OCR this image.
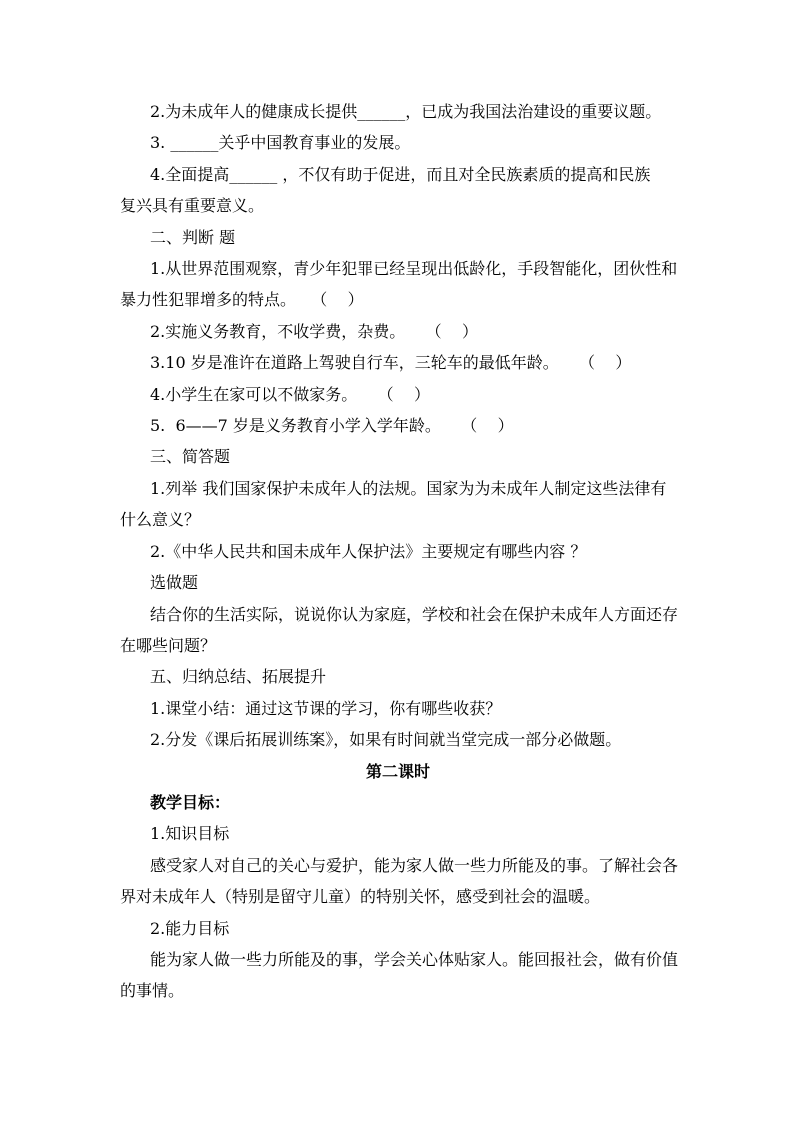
2.为未成年人的健康成长提供______，已成为我国法治建设的重要议题。

3. ______关乎中国教育事业的发展。

4.全面提高______ ，不仅有助于促进，而且对全民族素质的提高和民族

复兴具有重要意义。

二、判断 题

1.从世界范围观察，青少年犯罪已经呈现出低龄化，手段智能化，团伙性和

暴力性犯罪增多的特点。   （    ）

2.实施义务教育，不收学费，杂费。    （    ）

3.10 岁是准许在道路上驾驶自行车，三轮车的最低年龄。    （    ）

4.小学生在家可以不做家务。    （    ）

5.  6——7 岁是义务教育小学入学年龄。    （    ）

三、简答题

1.列举 我们国家保护未成年人的法规。国家为为未成年人制定这些法律有

什么意义？

2.《中华人民共和国未成年人保护法》主要规定有哪些内容 ？

选做题

结合你的生活实际，说说你认为家庭，学校和社会在保护未成年人方面还存

在哪些问题？

五、归纳总结、拓展提升

1.课堂小结：通过这节课的学习，你有哪些收获？

2.分发《课后拓展训练案》，如果有时间就当堂完成一部分必做题。

第二课时

教学目标：

1.知识目标

感受家人对自己的关心与爱护，能为家人做一些力所能及的事。了解社会各

界对未成年人（特别是留守儿童）的特别关怀，感受到社会的温暖。

2.能力目标

能为家人做一些力所能及的事，学会关心体贴家人。能回报社会，做有价值

的事情。
